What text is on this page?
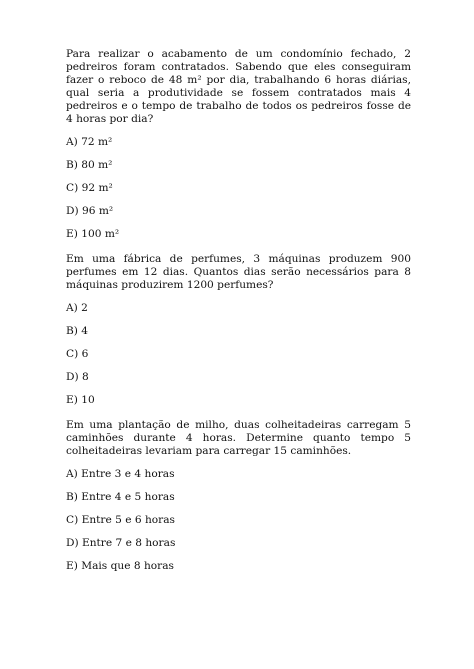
Para realizar o acabamento de um condomínio fechado, 2 pedreiros foram contratados. Sabendo que eles conseguiram fazer o reboco de 48 m² por dia, trabalhando 6 horas diárias, qual seria a produtividade se fossem contratados mais 4 pedreiros e o tempo de trabalho de todos os pedreiros fosse de 4 horas por dia?

A) 72 m²

B) 80 m²

C) 92 m²

D) 96 m²

E) 100 m²

Em uma fábrica de perfumes, 3 máquinas produzem 900 perfumes em 12 dias. Quantos dias serão necessários para 8 máquinas produzirem 1200 perfumes?

A) 2

B) 4

C) 6

D) 8

E) 10

Em uma plantação de milho, duas colheitadeiras carregam 5 caminhões durante 4 horas. Determine quanto tempo 5 colheitadeiras levariam para carregar 15 caminhões.

A) Entre 3 e 4 horas

B) Entre 4 e 5 horas

C) Entre 5 e 6 horas

D) Entre 7 e 8 horas

E) Mais que 8 horas
